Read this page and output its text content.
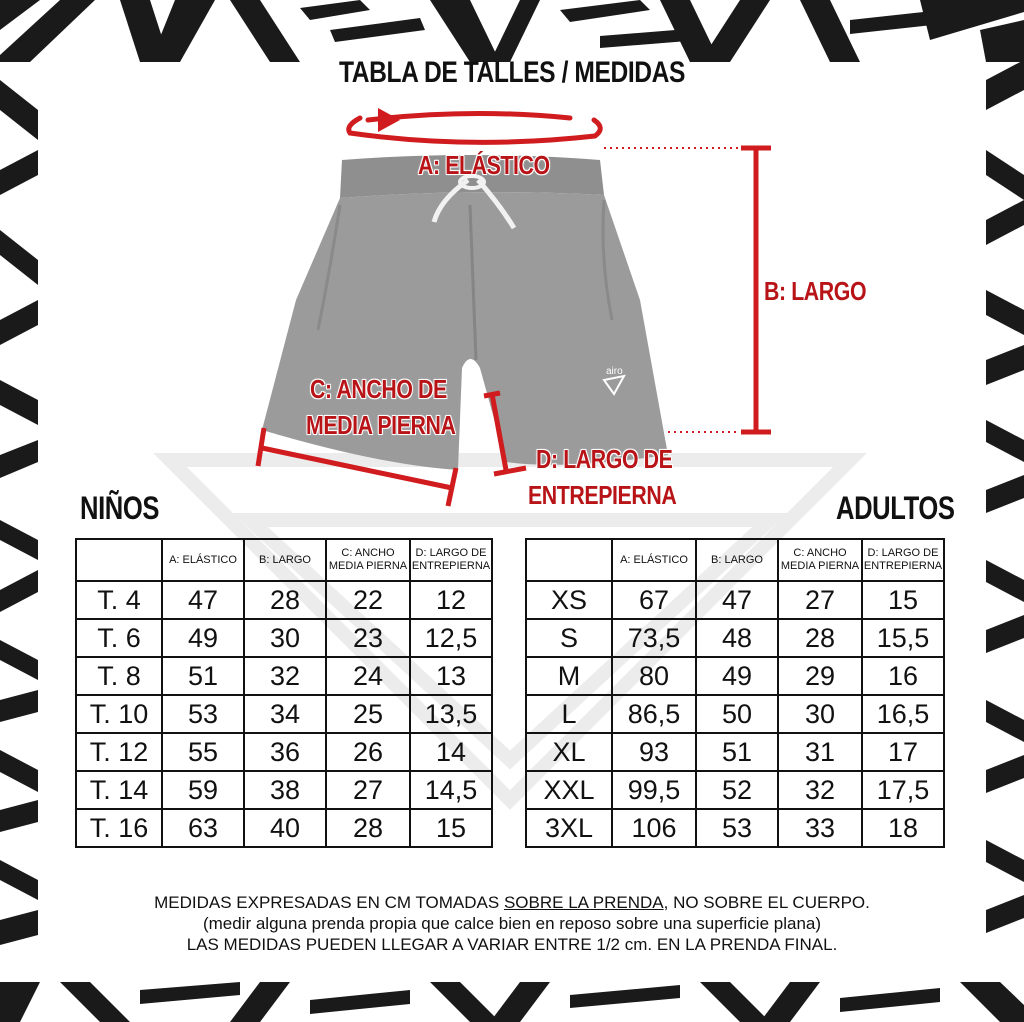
TABLA DE TALLES / MEDIDAS
airo
A: ELÁSTICO
B: LARGO
C: ANCHO DE
MEDIA PIERNA
D: LARGO DE
ENTREPIERNA
NIÑOS	ADULTOS
	A: ELÁSTICO	B: LARGO	C: ANCHO MEDIA PIERNA	D: LARGO DE ENTREPIERNA
T. 4	47	28	22	12
T. 6	49	30	23	12,5
T. 8	51	32	24	13
T. 10	53	34	25	13,5
T. 12	55	36	26	14
T. 14	59	38	27	14,5
T. 16	63	40	28	15
	A: ELÁSTICO	B: LARGO	C: ANCHO MEDIA PIERNA	D: LARGO DE ENTREPIERNA
XS	67	47	27	15
S	73,5	48	28	15,5
M	80	49	29	16
L	86,5	50	30	16,5
XL	93	51	31	17
XXL	99,5	52	32	17,5
3XL	106	53	33	18
MEDIDAS EXPRESADAS EN CM TOMADAS SOBRE LA PRENDA, NO SOBRE EL CUERPO.
(medir alguna prenda propia que calce bien en reposo sobre una superficie plana)
LAS MEDIDAS PUEDEN LLEGAR A VARIAR ENTRE 1/2 cm. EN LA PRENDA FINAL.
